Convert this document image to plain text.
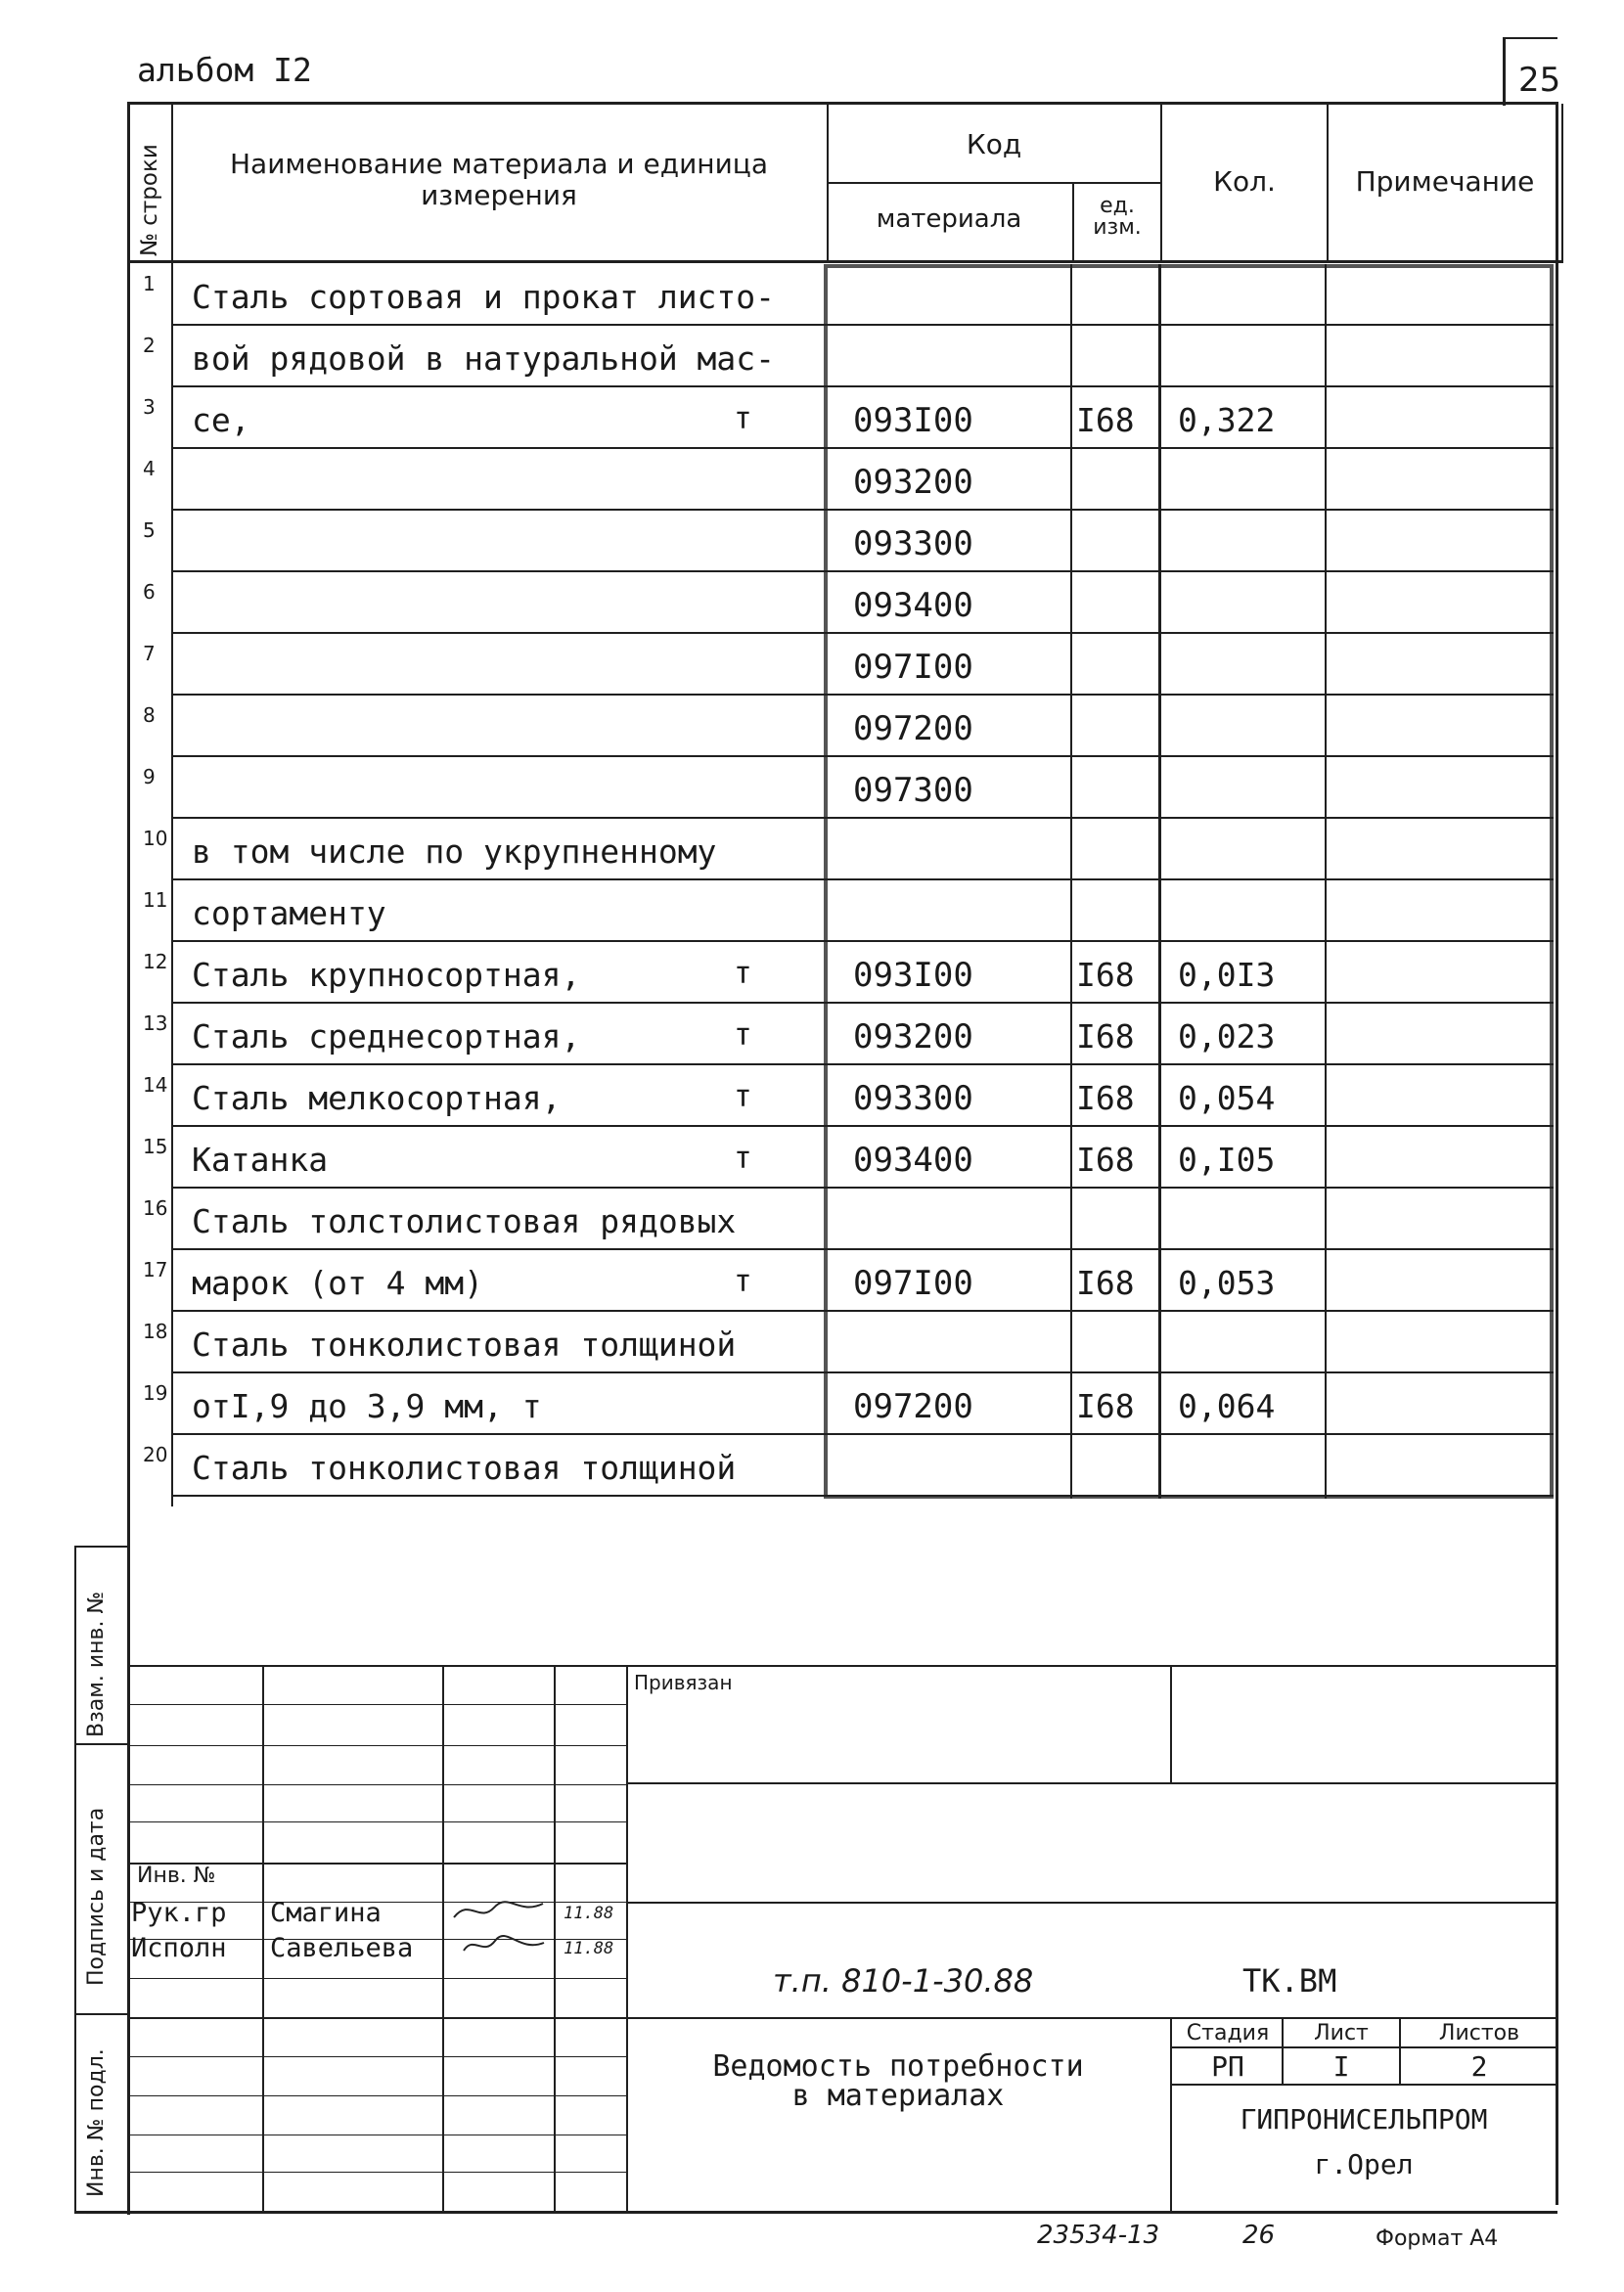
альбом I2	25
№ строки	Наименование материала и единица измерения
Код
материала	ед.
изм.
Кол.	Примечание
1 Сталь сортовая и прокат листо-
2 вой рядовой в натуральной мас-
3 се,	т	093I00	I68 0,322
4	093200
5	093300
6	093400
7	097I00
8	097200
9	097300
10 в том числе по укрупненному
11 сортаменту
12 Сталь крупносортная,	т	093I00	I68 0,0I3
13 Сталь среднесортная,	т	093200	I68 0,023
14 Сталь мелкосортная,	т	093300	I68 0,054
15 Катанка	т	093400	I68 0,I05
16 Сталь толстолистовая рядовых
17 марок (от 4 мм)	т	097I00	I68 0,053
18 Сталь тонколистовая толщиной
19 отI,9 до 3,9 мм, т	097200	I68 0,064
20 Сталь тонколистовая толщиной
Взам. инв. №
Подпись и дата
Инв. № подл.
Привязан
Инв. №
Рук.гр Смагина	11.88
Исполн Савельева	11.88
т.п. 810-1-30.88	ТК.ВМ
Ведомость потребности
в материалах
Стадия	Лист	Листов
РП	I	2
ГИПРОНИСЕЛЬПРОМ
г.Орел
23534-13	26	Формат А4
